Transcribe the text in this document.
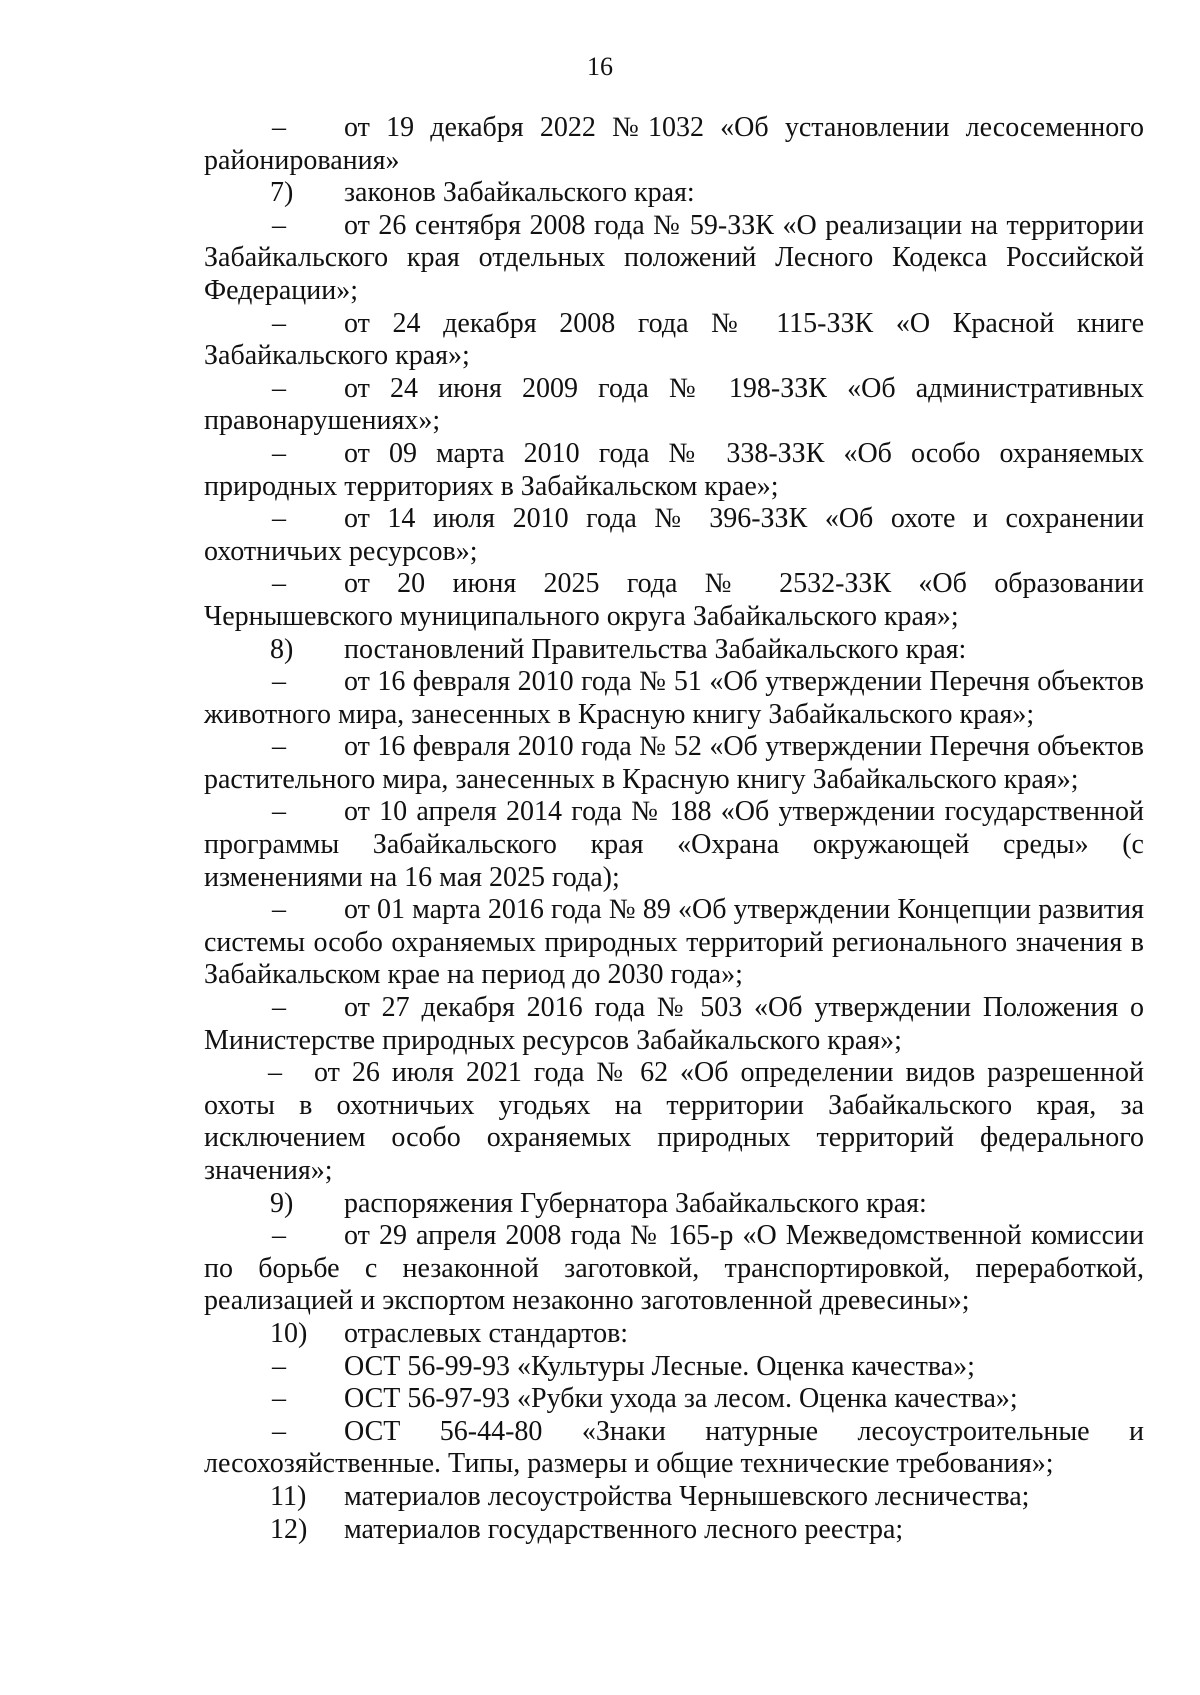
16
–	от 19 декабря 2022 №1032 «Об установлении лесосеменного
районирования»
7)	законов Забайкальского края:
–	от 26 сентября 2008 года № 59-ЗЗК «О реализации на территории
Забайкальского края отдельных положений Лесного Кодекса Российской
Федерации»;
–	от 24 декабря 2008 года № 115-ЗЗК «О Красной книге
Забайкальского края»;
–	от 24 июня 2009 года № 198-ЗЗК «Об административных
правонарушениях»;
–	от 09 марта 2010 года № 338-ЗЗК «Об особо охраняемых
природных территориях в Забайкальском крае»;
–	от 14 июля 2010 года № 396-ЗЗК «Об охоте и сохранении
охотничьих ресурсов»;
–	от 20 июня 2025 года № 2532-ЗЗК «Об образовании
Чернышевского муниципального округа Забайкальского края»;
8)	постановлений Правительства Забайкальского края:
–	от 16 февраля 2010 года № 51 «Об утверждении Перечня объектов
животного мира, занесенных в Красную книгу Забайкальского края»;
–	от 16 февраля 2010 года № 52 «Об утверждении Перечня объектов
растительного мира, занесенных в Красную книгу Забайкальского края»;
–	от 10 апреля 2014 года № 188 «Об утверждении государственной
программы Забайкальского края «Охрана окружающей среды» (с
изменениями на 16 мая 2025 года);
–	от 01 марта 2016 года № 89 «Об утверждении Концепции развития
системы особо охраняемых природных территорий регионального значения в
Забайкальском крае на период до 2030 года»;
–	от 27 декабря 2016 года № 503 «Об утверждении Положения о
Министерстве природных ресурсов Забайкальского края»;
–	от 26 июля 2021 года № 62 «Об определении видов разрешенной
охоты в охотничьих угодьях на территории Забайкальского края, за
исключением особо охраняемых природных территорий федерального
значения»;
9)	распоряжения Губернатора Забайкальского края:
–	от 29 апреля 2008 года № 165-р «О Межведомственной комиссии
по борьбе с незаконной заготовкой, транспортировкой, переработкой,
реализацией и экспортом незаконно заготовленной древесины»;
10)	отраслевых стандартов:
–	ОСТ 56-99-93 «Культуры Лесные. Оценка качества»;
–	ОСТ 56-97-93 «Рубки ухода за лесом. Оценка качества»;
–	ОСТ 56-44-80 «Знаки натурные лесоустроительные и
лесохозяйственные. Типы, размеры и общие технические требования»;
11)	материалов лесоустройства Чернышевского лесничества;
12)	материалов государственного лесного реестра;
